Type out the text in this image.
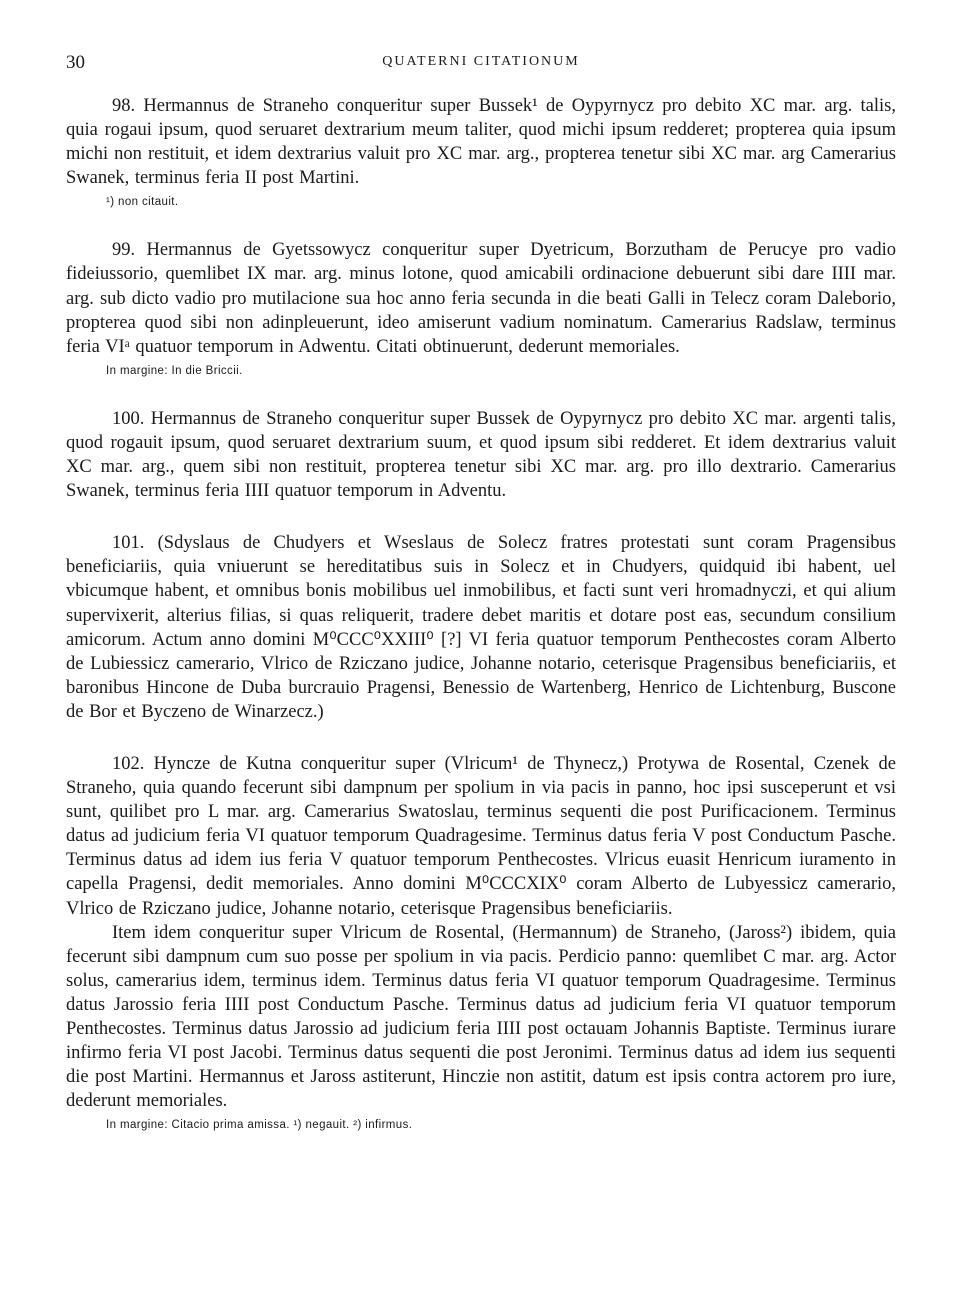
30	QUATERNI CITATIONUM

98. Hermannus de Straneho conqueritur super Bussek¹ de Oypyrnycz pro debito XC mar. arg. talis, quia rogaui ipsum, quod seruaret dextrarium meum taliter, quod michi ipsum redderet; propterea quia ipsum michi non restituit, et idem dextrarius valuit pro XC mar. arg., propterea tenetur sibi XC mar. arg Camerarius Swanek, terminus feria II post Martini.

¹) non citauit.

99. Hermannus de Gyetssowycz conqueritur super Dyetricum, Borzutham de Perucye pro vadio fideiussorio, quemlibet IX mar. arg. minus lotone, quod amicabili ordinacione debuerunt sibi dare IIII mar. arg. sub dicto vadio pro mutilacione sua hoc anno feria secunda in die beati Galli in Telecz coram Daleborio, propterea quod sibi non adinpleuerunt, ideo amiserunt vadium nominatum. Camerarius Radslaw, terminus feria VIᵃ quatuor temporum in Adwentu. Citati obtinuerunt, dederunt memoriales.

In margine: In die Briccii.

100. Hermannus de Straneho conqueritur super Bussek de Oypyrnycz pro debito XC mar. argenti talis, quod rogauit ipsum, quod seruaret dextrarium suum, et quod ipsum sibi redderet. Et idem dextrarius valuit XC mar. arg., quem sibi non restituit, propterea tenetur sibi XC mar. arg. pro illo dextrario. Camerarius Swanek, terminus feria IIII quatuor temporum in Adventu.

101. (Sdyslaus de Chudyers et Wseslaus de Solecz fratres protestati sunt coram Pragensibus beneficiariis, quia vniuerunt se hereditatibus suis in Solecz et in Chudyers, quidquid ibi habent, uel vbicumque habent, et omnibus bonis mobilibus uel inmobilibus, et facti sunt veri hromadnyczi, et qui alium supervixerit, alterius filias, si quas reliquerit, tradere debet maritis et dotare post eas, secundum consilium amicorum. Actum anno domini M⁰CCC⁰XXIII⁰ [?] VI feria quatuor temporum Penthecostes coram Alberto de Lubiessicz camerario, Vlrico de Rziczano judice, Johanne notario, ceterisque Pragensibus beneficiariis, et baronibus Hincone de Duba burcrauio Pragensi, Benessio de Wartenberg, Henrico de Lichtenburg, Buscone de Bor et Byczeno de Winarzecz.)

102. Hyncze de Kutna conqueritur super (Vlricum¹ de Thynecz,) Protywa de Rosental, Czenek de Straneho, quia quando fecerunt sibi dampnum per spolium in via pacis in panno, hoc ipsi susceperunt et vsi sunt, quilibet pro L mar. arg. Camerarius Swatoslau, terminus sequenti die post Purificacionem. Terminus datus ad judicium feria VI quatuor temporum Quadragesime. Terminus datus feria V post Conductum Pasche. Terminus datus ad idem ius feria V quatuor temporum Penthecostes. Vlricus euasit Henricum iuramento in capella Pragensi, dedit memoriales. Anno domini M⁰CCCXIX⁰ coram Alberto de Lubyessicz camerario, Vlrico de Rziczano judice, Johanne notario, ceterisque Pragensibus beneficiariis.

Item idem conqueritur super Vlricum de Rosental, (Hermannum) de Straneho, (Jaross²) ibidem, quia fecerunt sibi dampnum cum suo posse per spolium in via pacis. Perdicio panno: quemlibet C mar. arg. Actor solus, camerarius idem, terminus idem. Terminus datus feria VI quatuor temporum Quadragesime. Terminus datus Jarossio feria IIII post Conductum Pasche. Terminus datus ad judicium feria VI quatuor temporum Penthecostes. Terminus datus Jarossio ad judicium feria IIII post octauam Johannis Baptiste. Terminus iurare infirmo feria VI post Jacobi. Terminus datus sequenti die post Jeronimi. Terminus datus ad idem ius sequenti die post Martini. Hermannus et Jaross astiterunt, Hinczie non astitit, datum est ipsis contra actorem pro iure, dederunt memoriales.

In margine: Citacio prima amissa. ¹) negauit. ²) infirmus.
